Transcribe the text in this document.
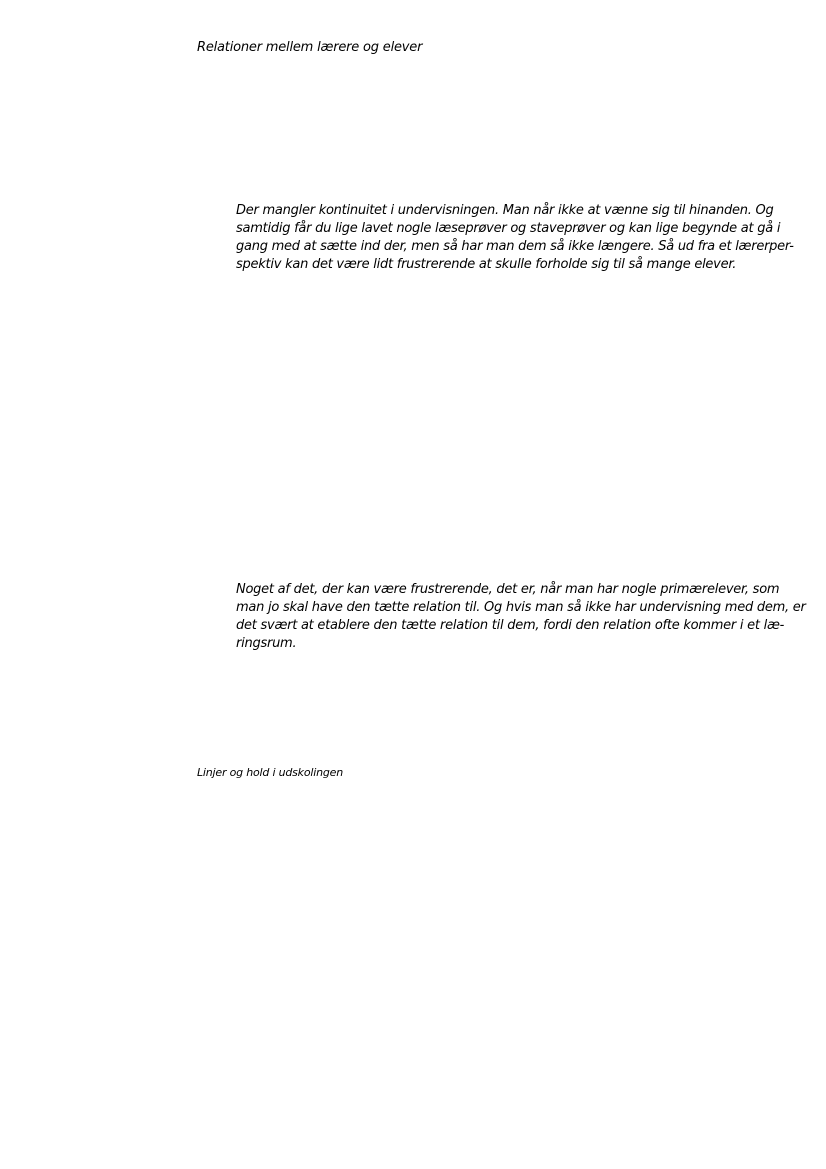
Relationer mellem lærere og elever
Der mangler kontinuitet i undervisningen. Man når ikke at vænne sig til hinanden. Og
samtidig får du lige lavet nogle læseprøver og staveprøver og kan lige begynde at gå i
gang med at sætte ind der, men så har man dem så ikke længere. Så ud fra et lærerper-
spektiv kan det være lidt frustrerende at skulle forholde sig til så mange elever.
Noget af det, der kan være frustrerende, det er, når man har nogle primærelever, som
man jo skal have den tætte relation til. Og hvis man så ikke har undervisning med dem, er
det svært at etablere den tætte relation til dem, fordi den relation ofte kommer i et læ-
ringsrum.
Linjer og hold i udskolingen
